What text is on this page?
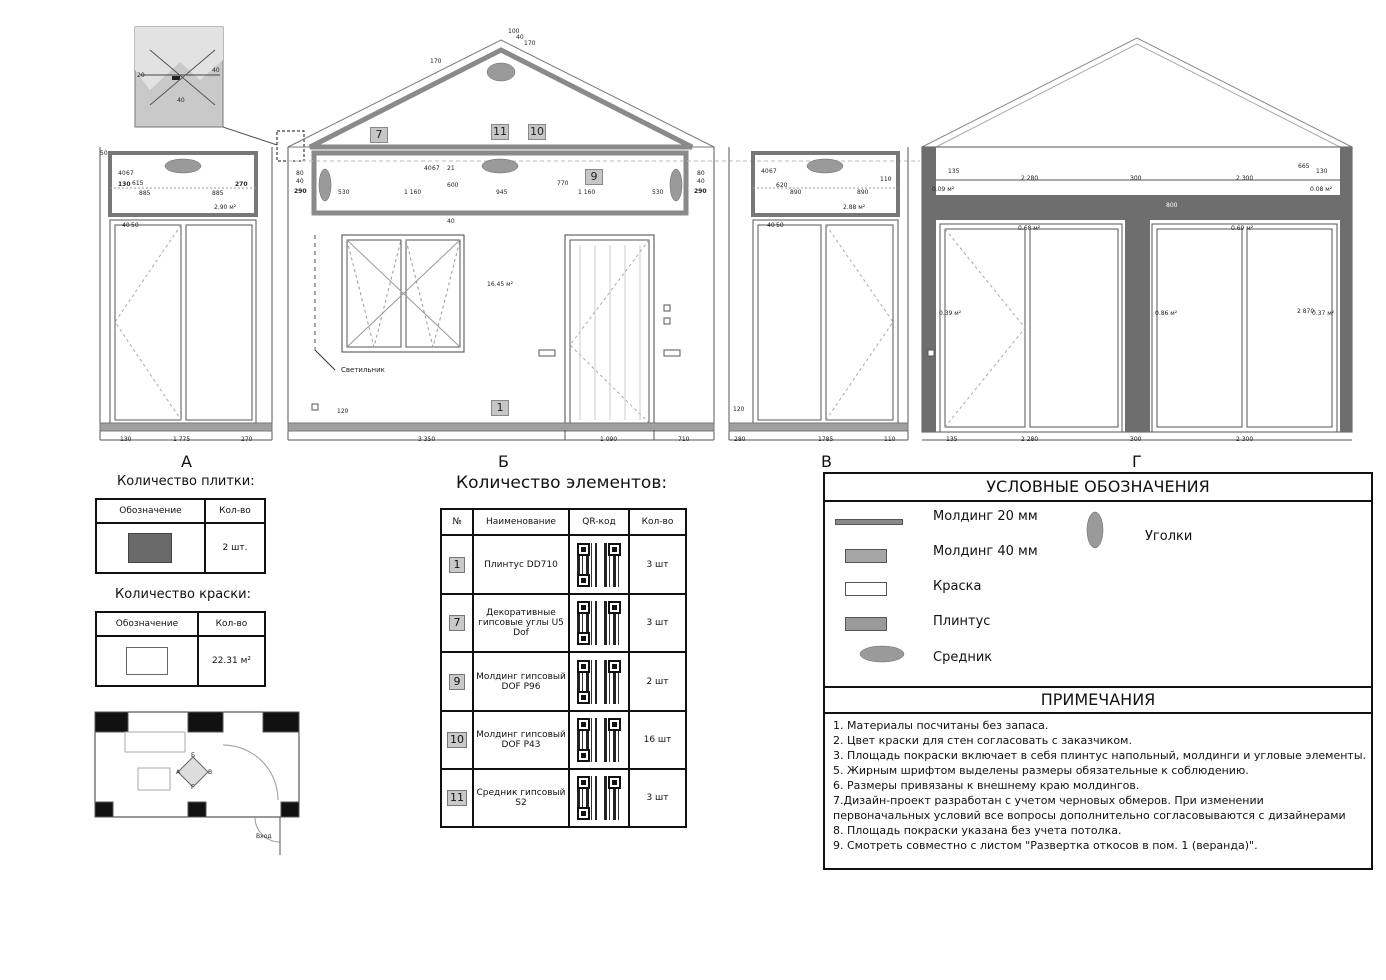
А	Б	В	Г
130	1 775	270
885	885
40 67
615
50
40 50
2.90 м²
130	270
530	1 160	945	1 160	530
3 350	1 090	710
80
40
40 67 21
600	770
120
40
80
40
290	290
16.45 м²
170
100
40
170
Светильник
890	890
280	1785	110
620
40 67
110
40 50
120
2.88 м²
135
2 280	300	2 300
130
665
135	2 280	300	2 300
2 870
800
0.09 м²	0.08 м²
0.68 м²	0.69 м²
0.39 м²	0.86 м²	0.37 м²
40
20
40
7	11 10
9
1
Количество плитки:
Обозначение	Кол-во

	2 шт.
Количество краски:
Обозначение	Кол-во

	22.31 м²
Б
А	В
Г
Вход
Количество элементов:
№	Наименование	QR-код	Кол-во

1	Плинтус DD710		3 шт

7	Декоративные гипсовые углы U5 Dof		3 шт

9	Молдинг гипсовый DOF P96		2 шт

10	Молдинг гипсовый DOF P43		16 шт

11	Средник гипсовый S2		3 шт
УСЛОВНЫЕ ОБОЗНАЧЕНИЯ
Молдинг 20 мм
Молдинг 40 мм
Краска
Плинтус
Средник
Уголки
ПРИМЕЧАНИЯ
1. Материалы посчитаны без запаса.
2. Цвет краски для стен согласовать с заказчиком.
3. Площадь покраски включает в себя плинтус напольный, молдинги и угловые элементы.
5. Жирным шрифтом выделены размеры обязательные к соблюдению.
6. Размеры привязаны к внешнему краю молдингов.
7.Дизайн-проект разработан с учетом черновых обмеров. При изменении
первоначальных условий все вопросы дополнительно согласовываются с дизайнерами
8. Площадь покраски указана без учета потолка.
9. Смотреть совместно с листом "Развертка откосов в пом. 1 (веранда)".
